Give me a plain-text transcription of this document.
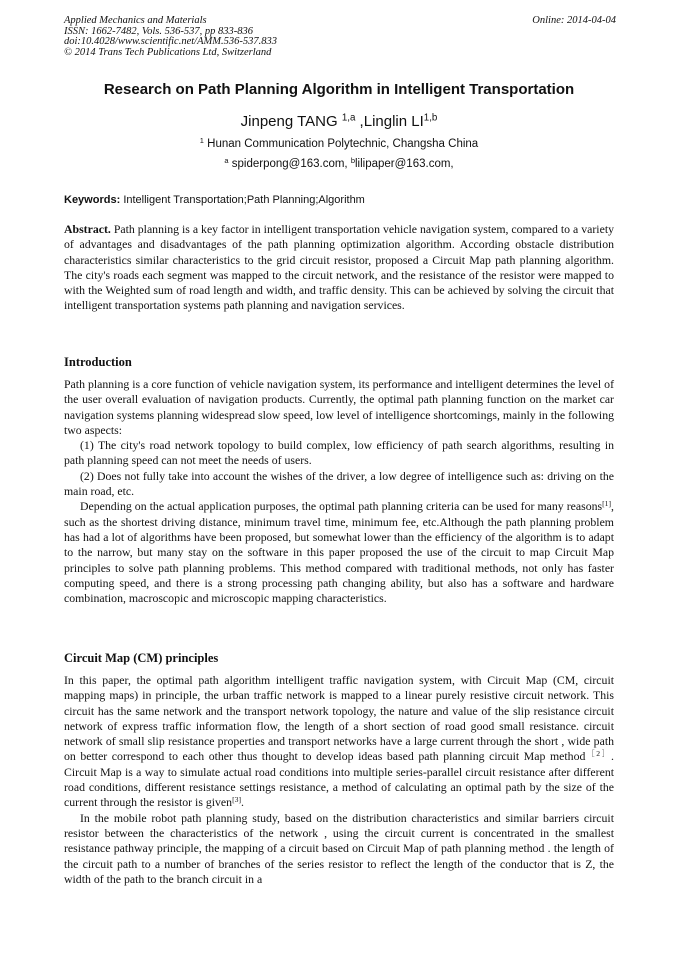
Applied Mechanics and Materials	Online: 2014-04-04
ISSN: 1662-7482, Vols. 536-537, pp 833-836
doi:10.4028/www.scientific.net/AMM.536-537.833
© 2014 Trans Tech Publications Ltd, Switzerland
Research on Path Planning Algorithm in Intelligent Transportation
Jinpeng TANG $^{1,a}$ ,Linglin LI$^{1,b}$
$^1$ Hunan Communication Polytechnic, Changsha China
$^a$ spiderpong@163.com, $^b$lilipaper@163.com,
Keywords: Intelligent Transportation;Path Planning;Algorithm

Abstract. Path planning is a key factor in intelligent transportation vehicle navigation system, compared to a variety of advantages and disadvantages of the path planning optimization algorithm. According obstacle distribution characteristics similar characteristics to the grid circuit resistor, proposed a Circuit Map path planning algorithm. The city's roads each segment was mapped to the circuit network, and the resistance of the resistor were mapped to with the Weighted sum of road length and width, and traffic density. This can be achieved by solving the circuit that intelligent transportation systems path planning and navigation services.

Introduction

Path planning is a core function of vehicle navigation system, its performance and intelligent determines the level of the user overall evaluation of navigation products. Currently, the optimal path planning function on the market car navigation systems planning widespread slow speed, low level of intelligence shortcomings, mainly in the following two aspects:

(1) The city's road network topology to build complex, low efficiency of path search algorithms, resulting in path planning speed can not meet the needs of users.

(2) Does not fully take into account the wishes of the driver, a low degree of intelligence such as: driving on the main road, etc.

Depending on the actual application purposes, the optimal path planning criteria can be used for many reasons[1], such as the shortest driving distance, minimum travel time, minimum fee, etc.Although the path planning problem has had a lot of algorithms have been proposed, but somewhat lower than the efficiency of the algorithm is to adapt to the narrow, but many stay on the software in this paper proposed the use of the circuit to map Circuit Map principles to solve path planning problems. This method compared with traditional methods, not only has faster computing speed, and there is a strong processing path changing ability, but also has a software and hardware combination, macroscopic and microscopic mapping characteristics.

Circuit Map (CM) principles

In this paper, the optimal path algorithm intelligent traffic navigation system, with Circuit Map (CM, circuit mapping maps) in principle, the urban traffic network is mapped to a linear purely resistive circuit network. This circuit has the same network and the transport network topology, the nature and value of the slip resistance circuit network of express traffic information flow, the length of a short section of road good small resistance. circuit network of small slip resistance properties and transport networks have a large current through the short , wide path on better correspond to each other thus thought to develop ideas based path planning circuit Map method$^{[2]}$. Circuit Map is a way to simulate actual road conditions into multiple series-parallel circuit resistance after different road conditions, different resistance settings resistance, a method of calculating an optimal path by the size of the current through the resistor is given[3].

In the mobile robot path planning study, based on the distribution characteristics and similar barriers circuit resistor between the characteristics of the network , using the circuit current is concentrated in the smallest resistance pathway principle, the mapping of a circuit based on Circuit Map of path planning method . the length of the circuit path to a number of branches of the series resistor to reflect the length of the conductor that is Z, the width of the path to the branch circuit in a
